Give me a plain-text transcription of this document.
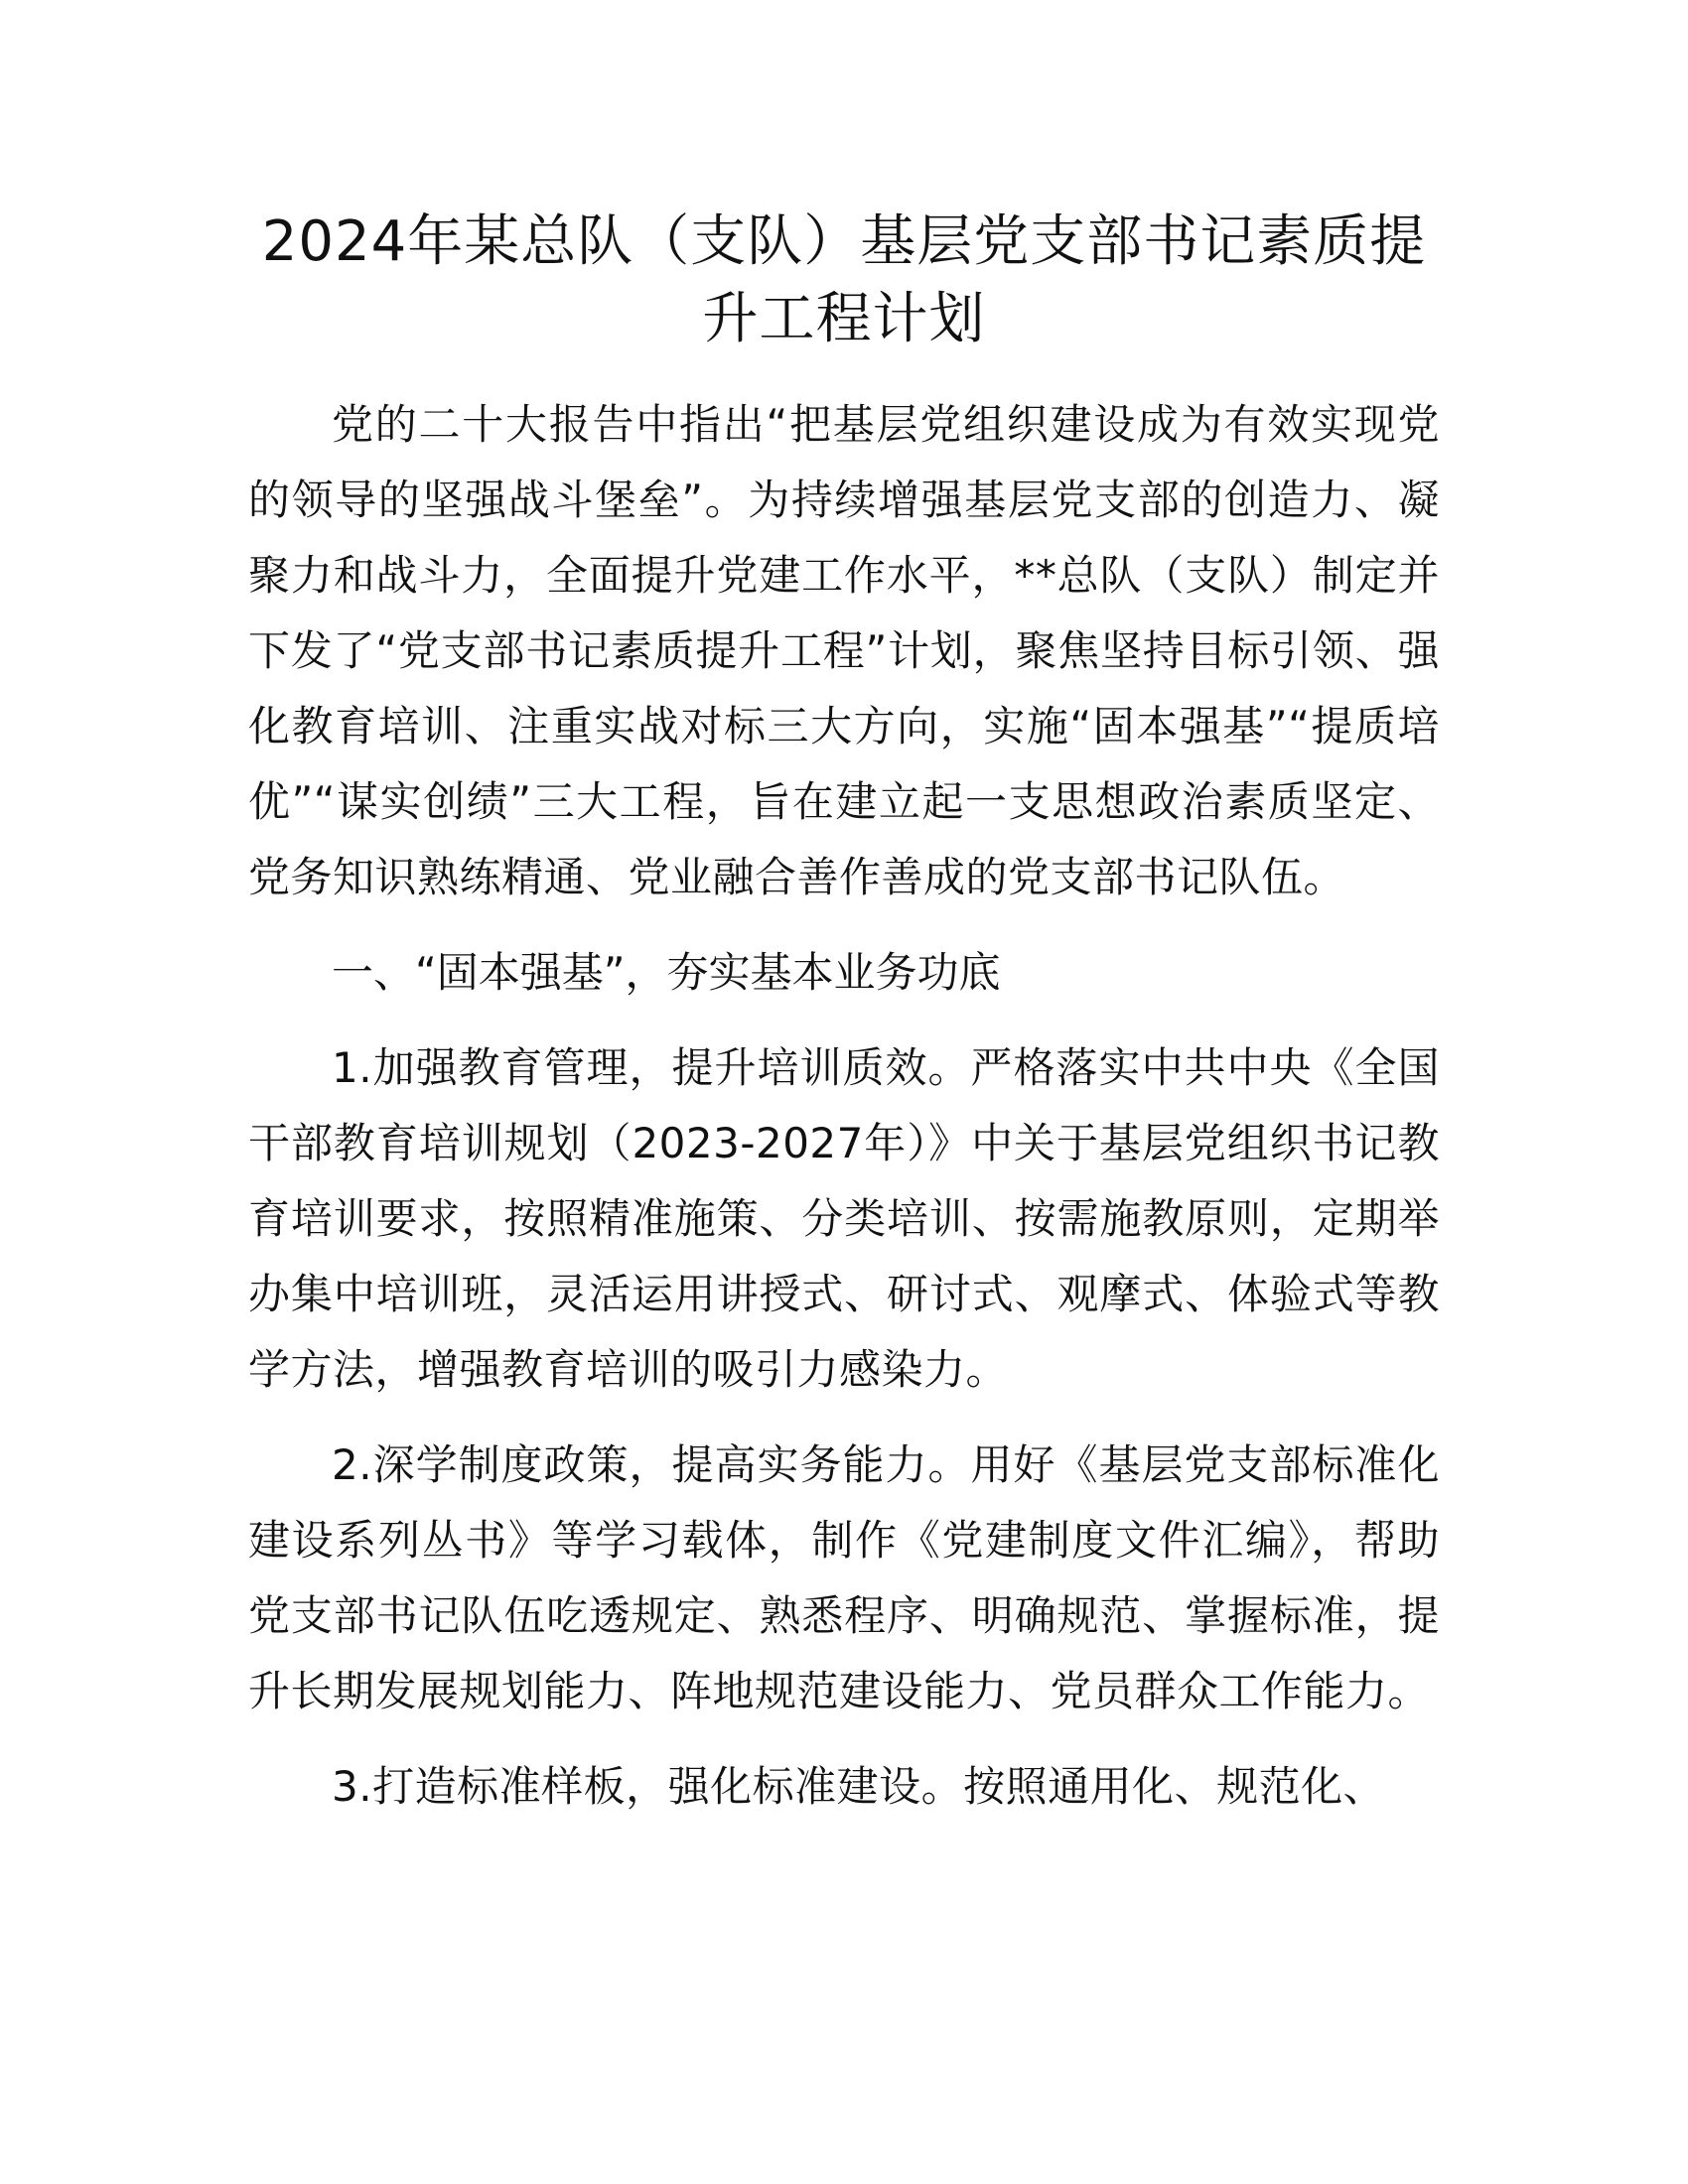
2024年某总队（支队）基层党支部书记素质提升工程计划

党的二十大报告中指出“把基层党组织建设成为有效实现党的领导的坚强战斗堡垒”。为持续增强基层党支部的创造力、凝聚力和战斗力，全面提升党建工作水平，**总队（支队）制定并下发了“党支部书记素质提升工程”计划，聚焦坚持目标引领、强化教育培训、注重实战对标三大方向，实施“固本强基”“提质培优”“谋实创绩”三大工程，旨在建立起一支思想政治素质坚定、党务知识熟练精通、党业融合善作善成的党支部书记队伍。

一、“固本强基”，夯实基本业务功底

1.加强教育管理，提升培训质效。严格落实中共中央《全国干部教育培训规划（2023-2027年）》中关于基层党组织书记教育培训要求，按照精准施策、分类培训、按需施教原则，定期举办集中培训班，灵活运用讲授式、研讨式、观摩式、体验式等教学方法，增强教育培训的吸引力感染力。

2.深学制度政策，提高实务能力。用好《基层党支部标准化建设系列丛书》等学习载体，制作《党建制度文件汇编》，帮助党支部书记队伍吃透规定、熟悉程序、明确规范、掌握标准，提升长期发展规划能力、阵地规范建设能力、党员群众工作能力。

3.打造标准样板，强化标准建设。按照通用化、规范化、
